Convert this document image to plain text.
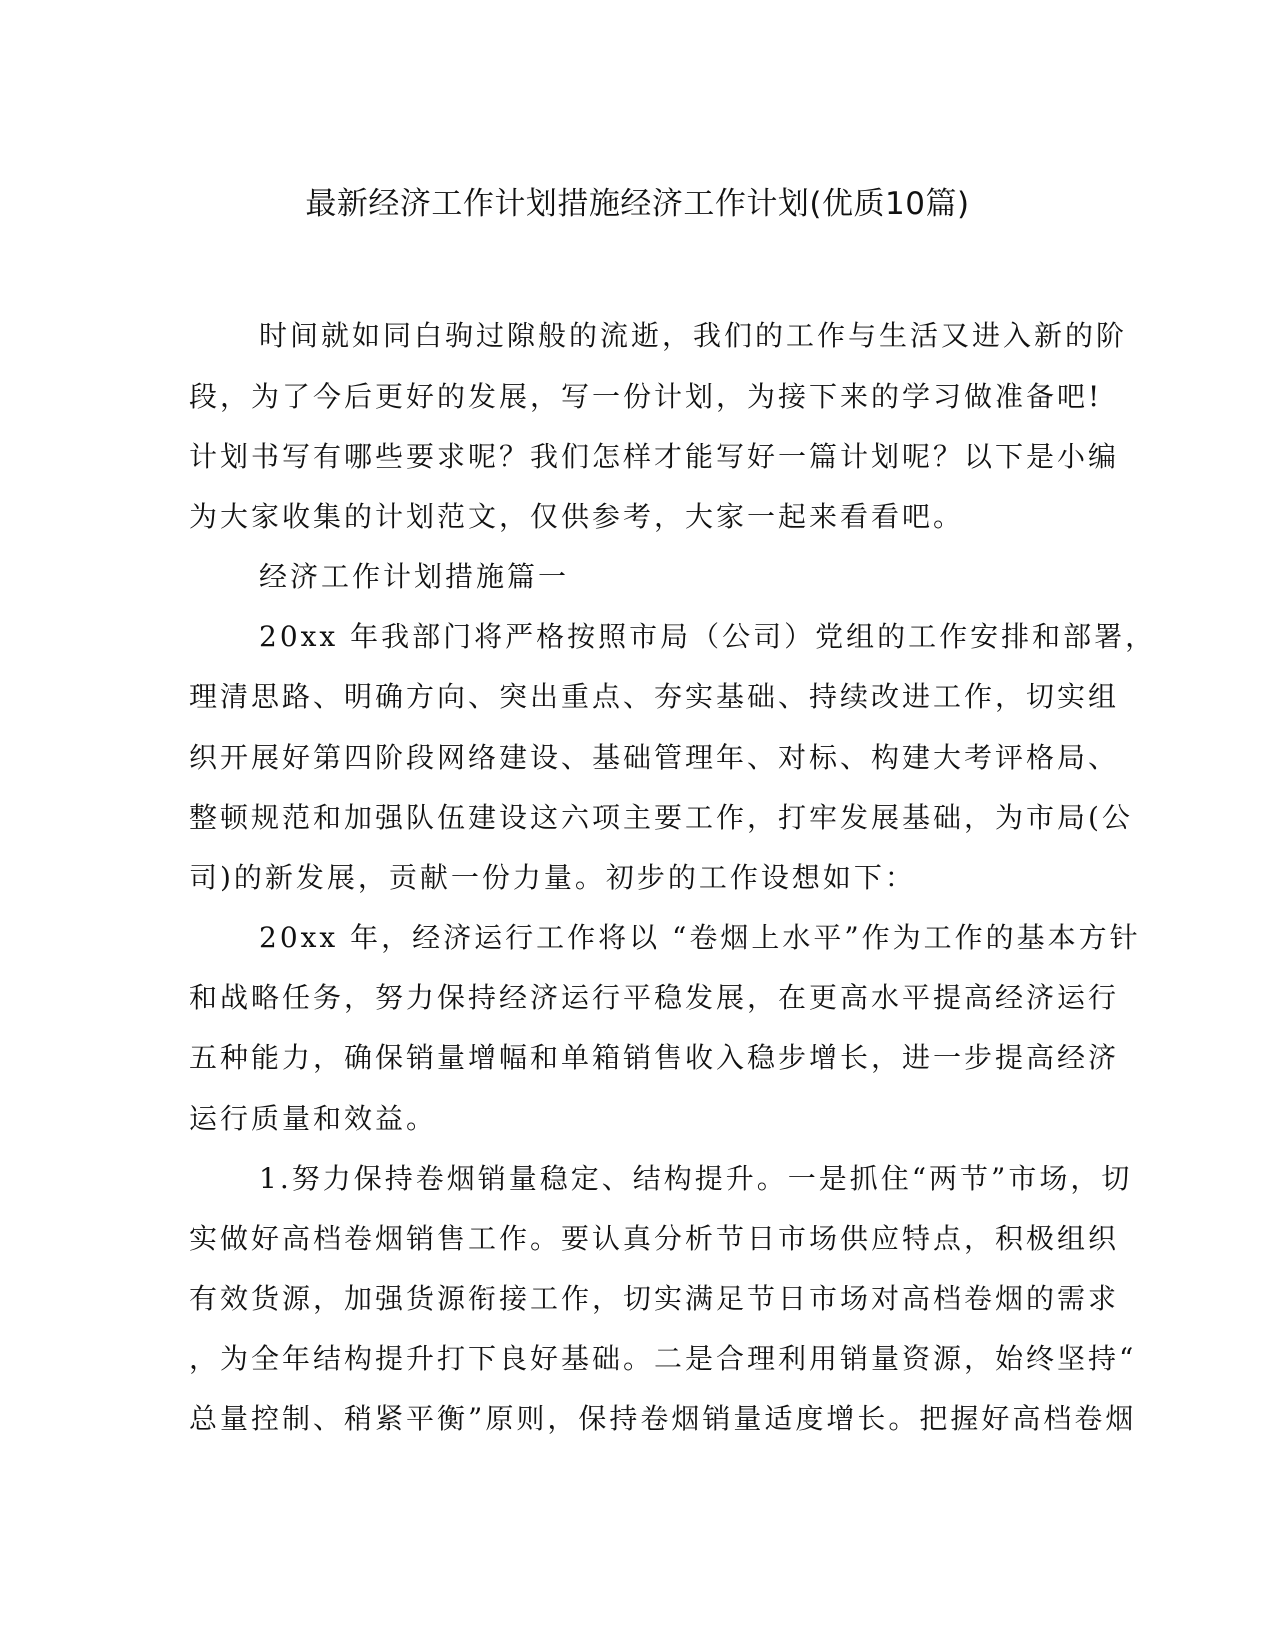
最新经济工作计划措施经济工作计划(优质10篇)
时间就如同白驹过隙般的流逝，我们的工作与生活又进入新的阶
段，为了今后更好的发展，写一份计划，为接下来的学习做准备吧!
计划书写有哪些要求呢？我们怎样才能写好一篇计划呢？以下是小编
为大家收集的计划范文，仅供参考，大家一起来看看吧。
经济工作计划措施篇一
20xx 年我部门将严格按照市局（公司）党组的工作安排和部署，
理清思路、明确方向、突出重点、夯实基础、持续改进工作，切实组
织开展好第四阶段网络建设、基础管理年、对标、构建大考评格局、
整顿规范和加强队伍建设这六项主要工作，打牢发展基础，为市局(公
司)的新发展，贡献一份力量。初步的工作设想如下：
20xx 年，经济运行工作将以 “卷烟上水平”作为工作的基本方针
和战略任务，努力保持经济运行平稳发展，在更高水平提高经济运行
五种能力，确保销量增幅和单箱销售收入稳步增长，进一步提高经济
运行质量和效益。
1.努力保持卷烟销量稳定、结构提升。一是抓住“两节”市场，切
实做好高档卷烟销售工作。要认真分析节日市场供应特点，积极组织
有效货源，加强货源衔接工作，切实满足节日市场对高档卷烟的需求
，为全年结构提升打下良好基础。二是合理利用销量资源，始终坚持“
总量控制、稍紧平衡”原则，保持卷烟销量适度增长。把握好高档卷烟
